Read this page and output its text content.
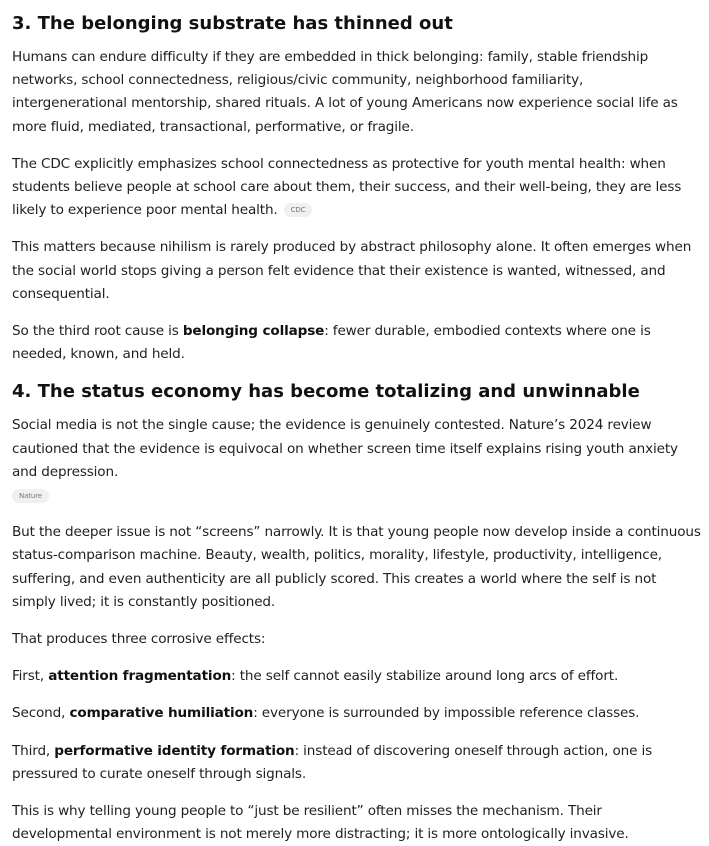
3. The belonging substrate has thinned out

Humans can endure difficulty if they are embedded in thick belonging: family, stable friendship networks, school connectedness, religious/civic community, neighborhood familiarity, intergenerational mentorship, shared rituals. A lot of young Americans now experience social life as more fluid, mediated, transactional, performative, or fragile.

The CDC explicitly emphasizes school connectedness as protective for youth mental health: when students believe people at school care about them, their success, and their well-being, they are less likely to experience poor mental health. CDC

This matters because nihilism is rarely produced by abstract philosophy alone. It often emerges when the social world stops giving a person felt evidence that their existence is wanted, witnessed, and consequential.

So the third root cause is belonging collapse: fewer durable, embodied contexts where one is needed, known, and held.

4. The status economy has become totalizing and unwinnable

Social media is not the single cause; the evidence is genuinely contested. Nature’s 2024 review cautioned that the evidence is equivocal on whether screen time itself explains rising youth anxiety and depression.
Nature

But the deeper issue is not “screens” narrowly. It is that young people now develop inside a continuous status-comparison machine. Beauty, wealth, politics, morality, lifestyle, productivity, intelligence, suffering, and even authenticity are all publicly scored. This creates a world where the self is not simply lived; it is constantly positioned.

That produces three corrosive effects:

First, attention fragmentation: the self cannot easily stabilize around long arcs of effort.

Second, comparative humiliation: everyone is surrounded by impossible reference classes.

Third, performative identity formation: instead of discovering oneself through action, one is pressured to curate oneself through signals.

This is why telling young people to “just be resilient” often misses the mechanism. Their developmental environment is not merely more distracting; it is more ontologically invasive.
